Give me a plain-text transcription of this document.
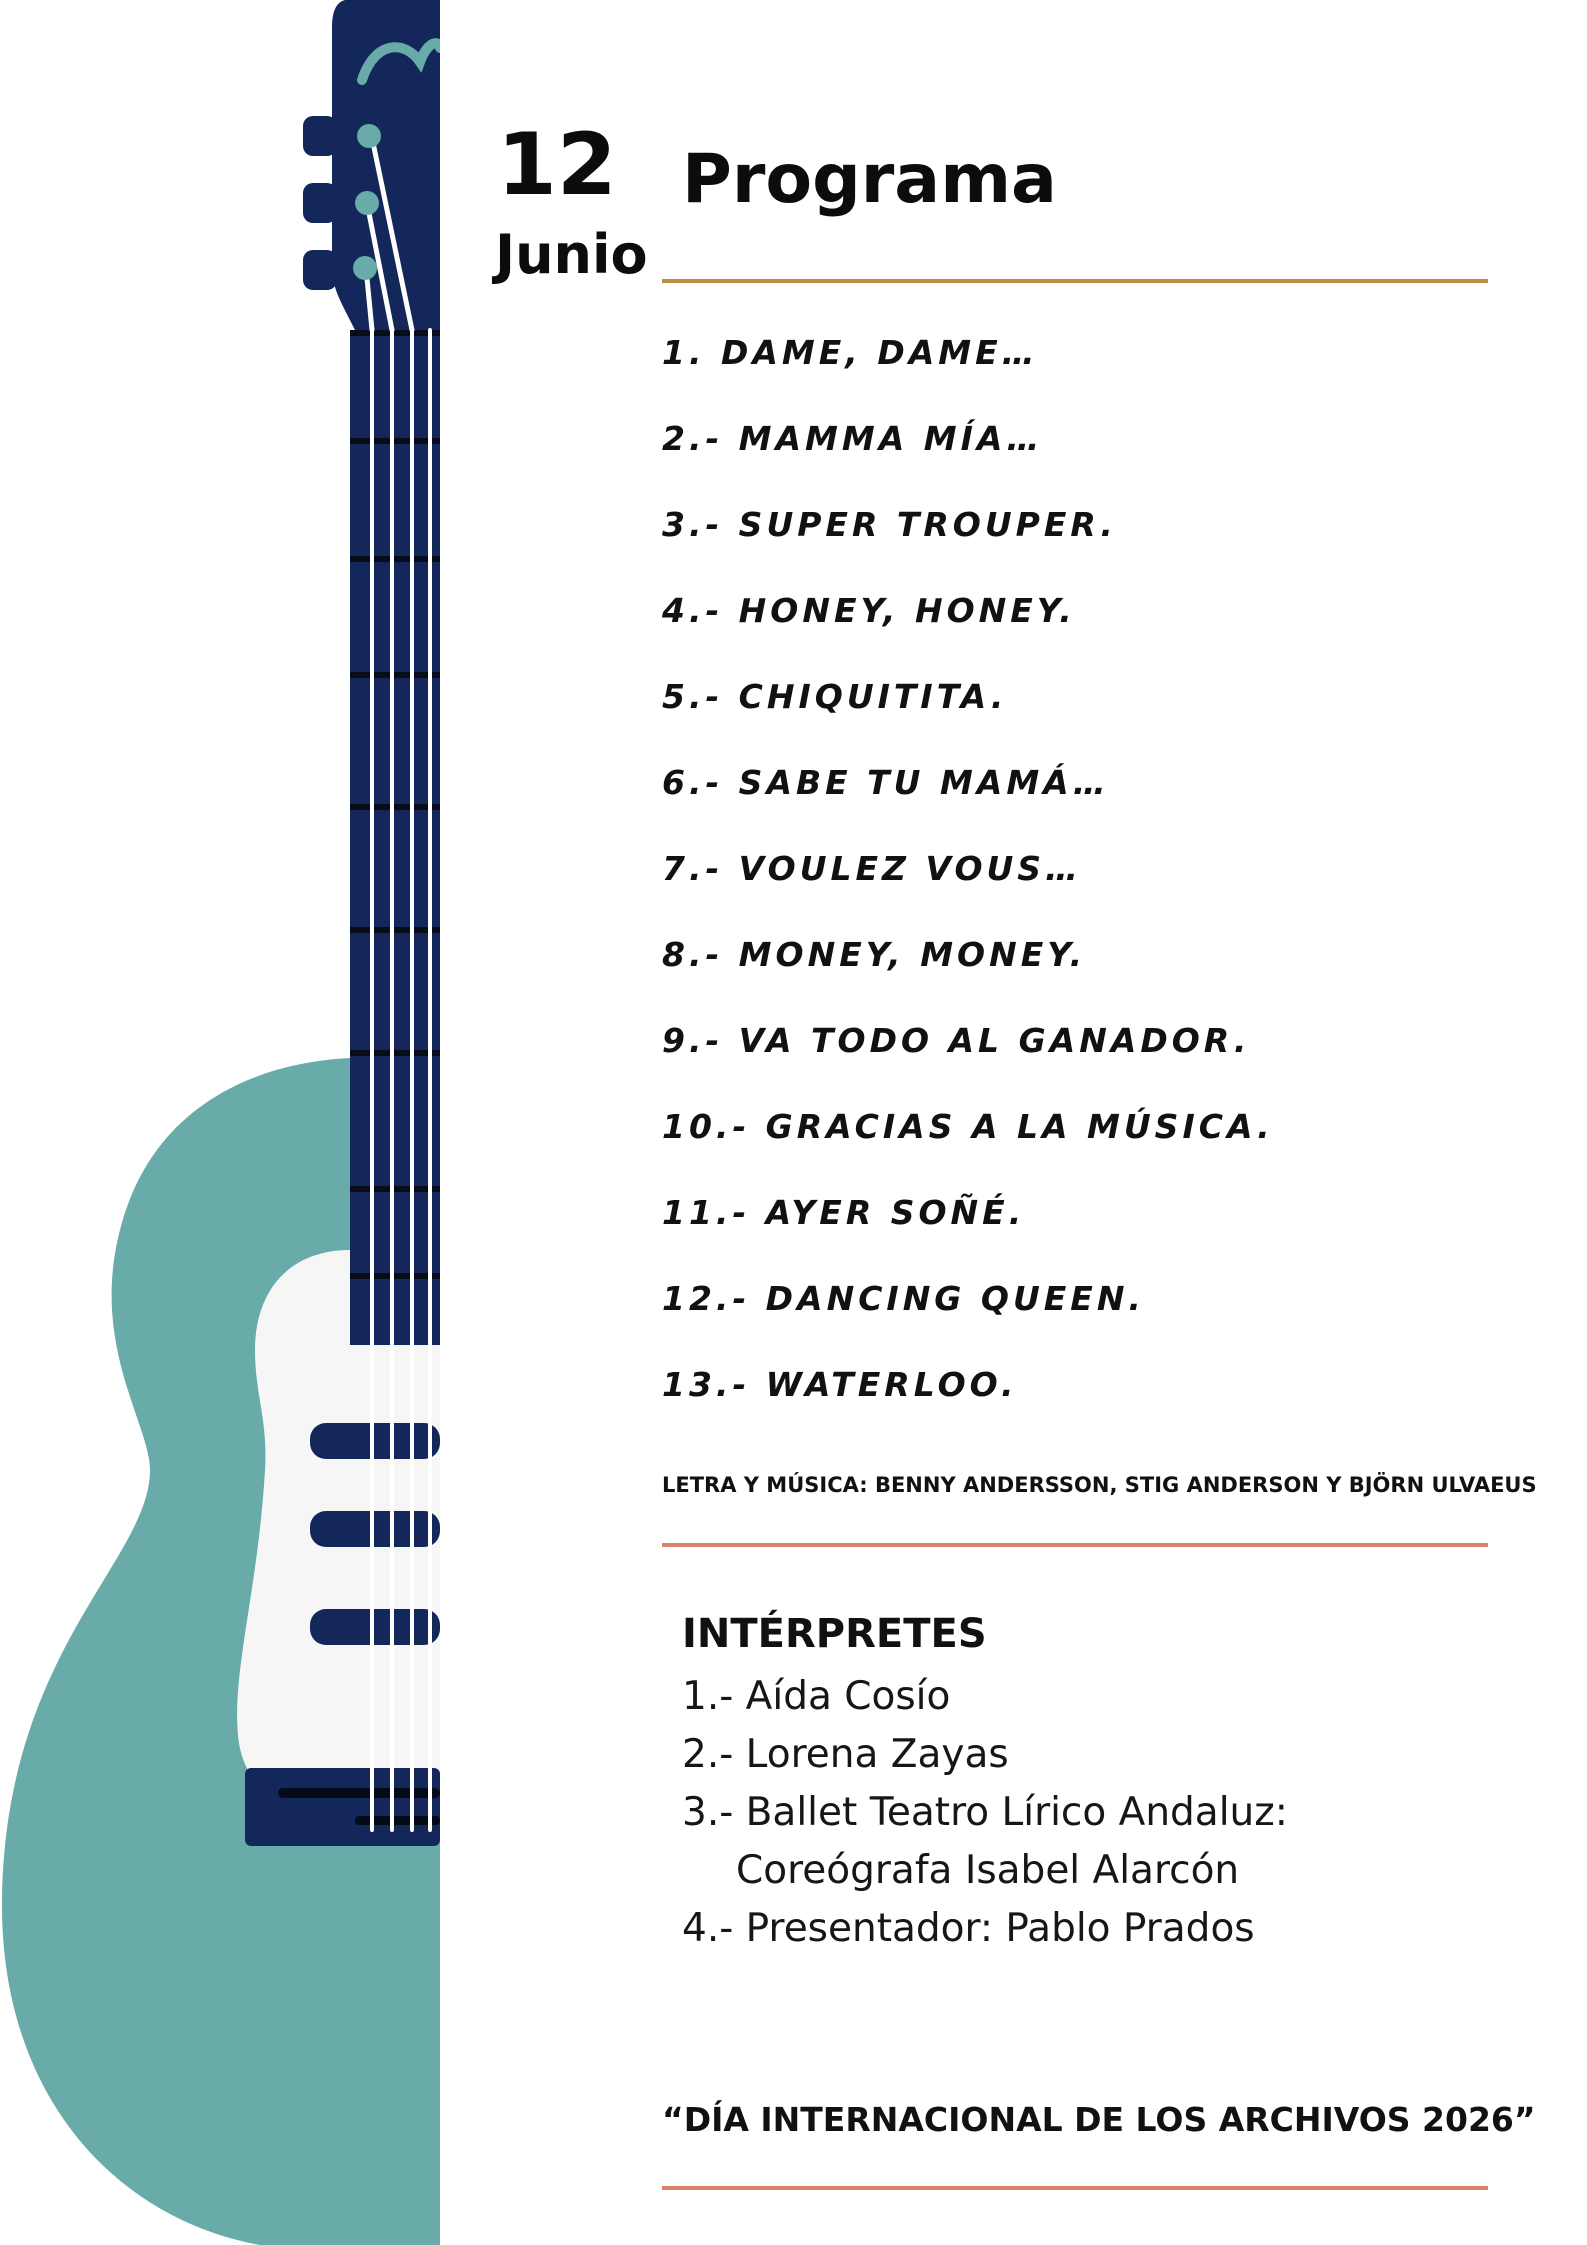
12
Junio
Programa
1. DAME, DAME…
2.- MAMMA MÍA…
3.- SUPER TROUPER.
4.- HONEY, HONEY.
5.- CHIQUITITA.
6.- SABE TU MAMÁ…
7.- VOULEZ VOUS…
8.- MONEY, MONEY.
9.- VA TODO AL GANADOR.
10.- GRACIAS A LA MÚSICA.
11.- AYER SOÑÉ.
12.- DANCING QUEEN.
13.- WATERLOO.

LETRA Y MÚSICA: BENNY ANDERSSON, STIG ANDERSON Y BJÖRN ULVAEUS

INTÉRPRETES
1.- Aída Cosío
2.- Lorena Zayas
3.- Ballet Teatro Lírico Andaluz:
Coreógrafa Isabel Alarcón
4.- Presentador: Pablo Prados

“DÍA INTERNACIONAL DE LOS ARCHIVOS 2026”
